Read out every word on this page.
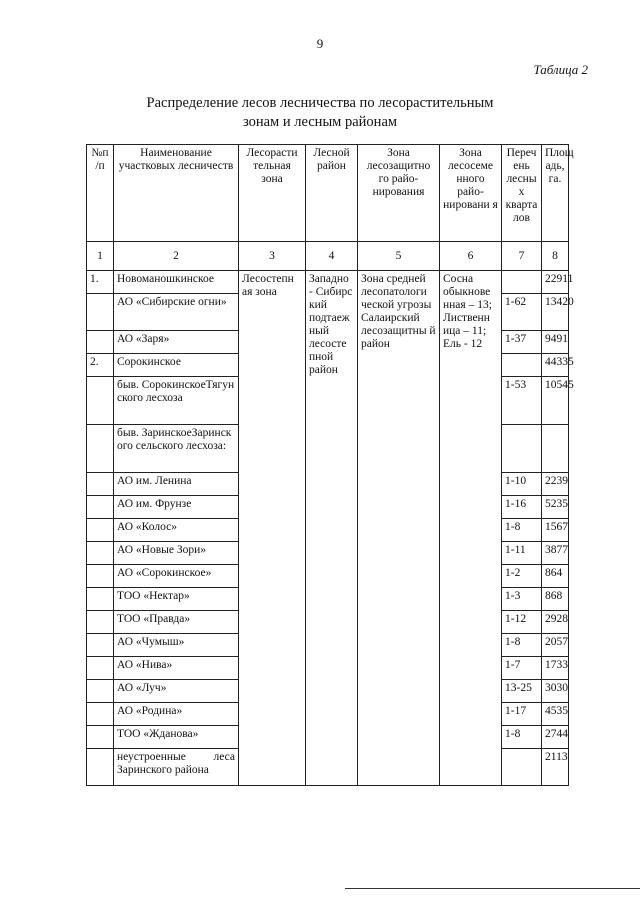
9
Таблица 2
Распределение лесов лесничества по лесорастительным
зонам и лесным районам
№п /п	Наименование участковых лесничеств	Лесорасти тельная зона	Лесной район	Зона лесозащитно го райо-нирования	Зона лесосеме нного райо-нировани я	Переч ень лесны х кварта лов	Площ адь, га.
1	2	3	4	5	6	7	8
1.	Новоманошкинское	Лесостепн ая зона	Западно - Сибирс кий подтаеж ный лесосте пной район	Зона средней лесопатологи ческой угрозы Салаирский лесозащитны й район	Сосна обыкнове нная – 13; Лиственн ица – 11; Ель - 12		22911
	АО «Сибирские огни»					1-62	13420
	АО «Заря»					1-37	9491
2.	Сорокинское						44335
	быв. СорокинскоеТягунского лесхоза					1-53	10545
	быв. ЗаринскоеЗаринского сельского лесхоза:						
	АО им. Ленина					1-10	2239
	АО им. Фрунзе					1-16	5235
	АО «Колос»					1-8	1567
	АО «Новые Зори»					1-11	3877
	АО «Сорокинское»					1-2	864
	ТОО «Нектар»					1-3	868
	ТОО «Правда»					1-12	2928
	АО «Чумыш»					1-8	2057
	АО «Нива»					1-7	1733
	АО «Луч»					13-25	3030
	АО «Родина»					1-17	4535
	ТОО «Жданова»					1-8	2744
	неустроенные леса Заринского района						2113
